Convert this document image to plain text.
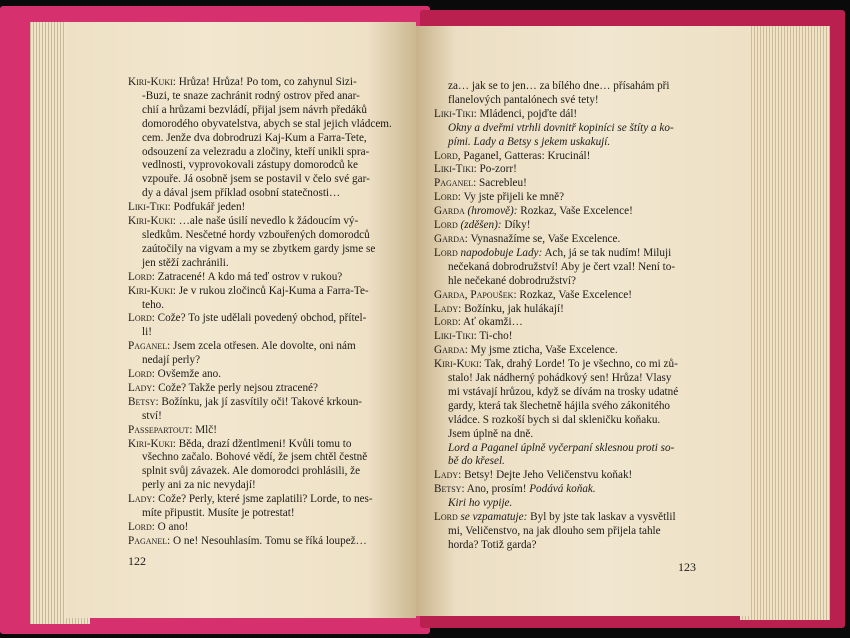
Kiri-Kuki: Hrůza! Hrůza! Po tom, co zahynul Sizi-
-Buzi, te snaze zachránit rodný ostrov před anar-
chií a hrůzami bezvládí, přijal jsem návrh předáků
domorodého obyvatelstva, abych se stal jejich vládcem.
cem. Jenže dva dobrodruzi Kaj-Kum a Farra-Tete,
odsouzení za velezradu a zločiny, kteří unikli spra-
vedlnosti, vyprovokovali zástupy domorodců ke
vzpouře. Já osobně jsem se postavil v čelo své gar-
dy a dával jsem příklad osobní statečnosti…
Liki-Tiki: Podfukář jeden!
Kiri-Kuki: …ale naše úsilí nevedlo k žádoucím vý-
sledkům. Nesčetné hordy vzbouřených domorodců
zaútočily na vigvam a my se zbytkem gardy jsme se
jen stěží zachránili.
Lord: Zatracené! A kdo má teď ostrov v rukou?
Kiri-Kuki: Je v rukou zločinců Kaj-Kuma a Farra-Te-
teho.
Lord: Cože? To jste udělali povedený obchod, přítel-
li!
Paganel: Jsem zcela otřesen. Ale dovolte, oni nám
nedají perly?
Lord: Ovšemže ano.
Lady: Cože? Takže perly nejsou ztracené?
Betsy: Božínku, jak jí zasvítily oči! Takové krkoun-
ství!
Passepartout: Mlč!
Kiri-Kuki: Běda, drazí džentlmeni! Kvůli tomu to
všechno začalo. Bohové vědí, že jsem chtěl čestně
splnit svůj závazek. Ale domorodci prohlásili, že
perly ani za nic nevydají!
Lady: Cože? Perly, které jsme zaplatili? Lorde, to nes-
míte připustit. Musíte je potrestat!
Lord: O ano!
Paganel: O ne! Nesouhlasím. Tomu se říká loupež…
122
za… jak se to jen… za bílého dne… přísahám při
flanelových pantalónech své tety!
Liki-Tiki: Mládenci, pojďte dál!
Okny a dveřmi vtrhli dovnitř kopiníci se štíty a ko-
pími. Lady a Betsy s jekem uskakují.
Lord, Paganel, Gatteras: Krucinál!
Liki-Tiki: Po-zorr!
Paganel: Sacrebleu!
Lord: Vy jste přijeli ke mně?
Garda (hromově): Rozkaz, Vaše Excelence!
Lord (zděšen): Díky!
Garda: Vynasnažíme se, Vaše Excelence.
Lord napodobuje Lady: Ach, já se tak nudím! Miluji
nečekaná dobrodružství! Aby je čert vzal! Není to-
hle nečekané dobrodružství?
Garda, Papoušek: Rozkaz, Vaše Excelence!
Lady: Božínku, jak hulákají!
Lord: Ať okamži…
Liki-Tiki: Ti-cho!
Garda: My jsme zticha, Vaše Excelence.
Kiri-Kuki: Tak, drahý Lorde! To je všechno, co mi zů-
stalo! Jak nádherný pohádkový sen! Hrůza! Vlasy
mi vstávají hrůzou, když se dívám na trosky udatné
gardy, která tak šlechetně hájila svého zákonitého
vládce. S rozkoší bych si dal skleničku koňaku.
Jsem úplně na dně.
Lord a Paganel úplně vyčerpaní sklesnou proti so-
bě do křesel.
Lady: Betsy! Dejte Jeho Veličenstvu koňak!
Betsy: Ano, prosím! Podává koňak.
Kiri ho vypije.
Lord se vzpamatuje: Byl by jste tak laskav a vysvětlil
mi, Veličenstvo, na jak dlouho sem přijela tahle
horda? Totiž garda?
123
